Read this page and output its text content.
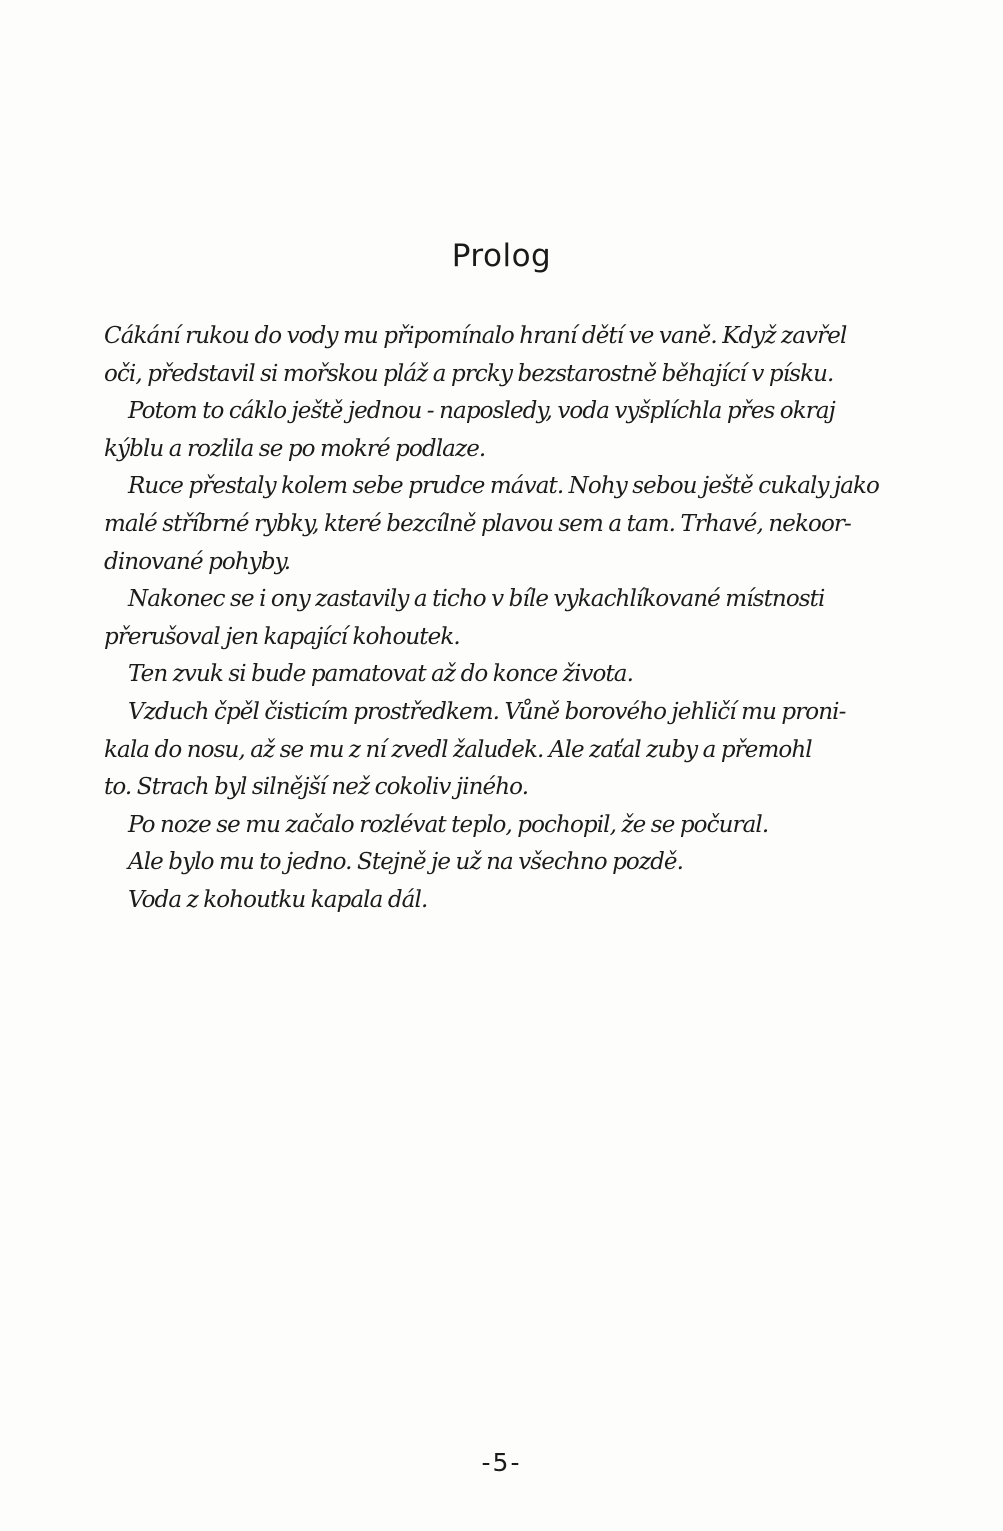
Prolog
Cákání rukou do vody mu připomínalo hraní dětí ve vaně. Když zavřel
oči, představil si mořskou pláž a prcky bezstarostně běhající v písku.
Potom to cáklo ještě jednou - naposledy, voda vyšplíchla přes okraj
kýblu a rozlila se po mokré podlaze.
Ruce přestaly kolem sebe prudce mávat. Nohy sebou ještě cukaly jako
malé stříbrné rybky, které bezcílně plavou sem a tam. Trhavé, nekoor-
dinované pohyby.
Nakonec se i ony zastavily a ticho v bíle vykachlíkované místnosti
přerušoval jen kapající kohoutek.
Ten zvuk si bude pamatovat až do konce života.
Vzduch čpěl čisticím prostředkem. Vůně borového jehličí mu proni-
kala do nosu, až se mu z ní zvedl žaludek. Ale zaťal zuby a přemohl
to. Strach byl silnější než cokoliv jiného.
Po noze se mu začalo rozlévat teplo, pochopil, že se počural.
Ale bylo mu to jedno. Stejně je už na všechno pozdě.
Voda z kohoutku kapala dál.
-5-
